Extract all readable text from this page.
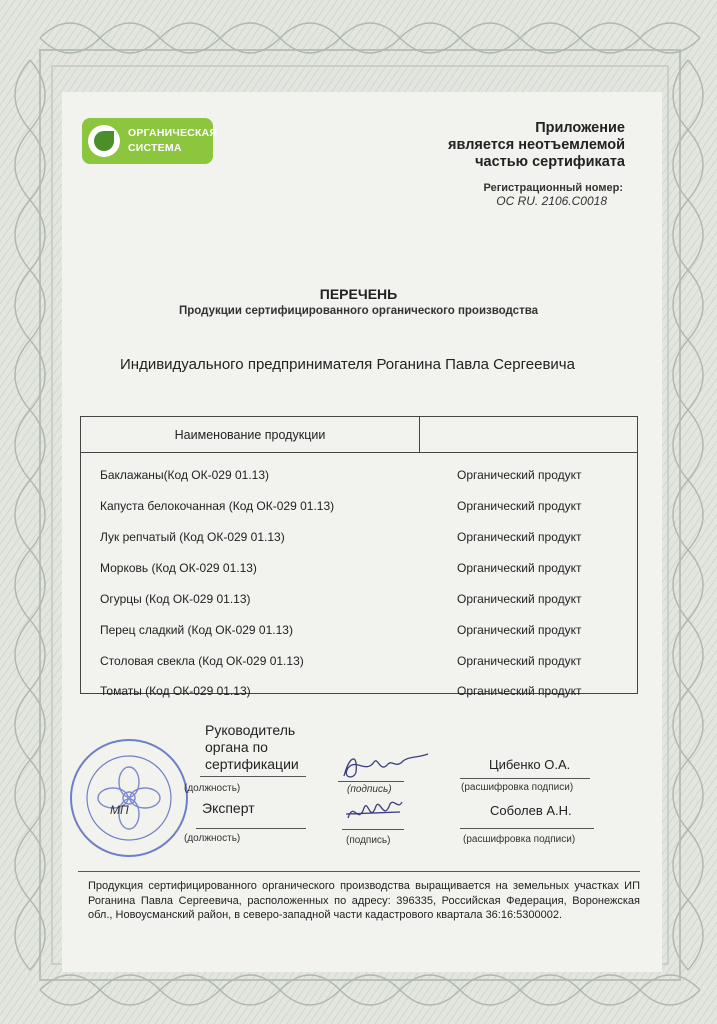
ОРГАНИЧЕСКАЯ
СИСТЕМА
Приложение
является неотъемлемой
частью сертификата
Регистрационный номер:
ОС RU. 2106.С0018
ПЕРЕЧЕНЬ
Продукции сертифицированного органического производства
Индивидуального предпринимателя Роганина Павла Сергеевича
Наименование продукции
Баклажаны(Код ОК-029 01.13)	Органический продукт
Капуста белокочанная (Код ОК-029 01.13)	Органический продукт
Лук репчатый (Код ОК-029 01.13)	Органический продукт
Морковь (Код ОК-029 01.13)	Органический продукт
Огурцы (Код ОК-029 01.13)	Органический продукт
Перец сладкий (Код ОК-029 01.13)	Органический продукт
Столовая свекла (Код ОК-029 01.13)	Органический продукт
Томаты (Код ОК-029 01.13)	Органический продукт
МП
Руководитель
органа по
сертификации
(должность)	(подпись)
Цибенко О.А.
(расшифровка подписи)
Эксперт
(должность)	(подпись)
Соболев А.Н.
(расшифровка подписи)
Продукция сертифицированного органического производства выращивается на земельных участках ИП Роганина Павла Сергеевича, расположенных по адресу: 396335, Российская Федерация, Воронежская обл., Новоусманский район, в северо-западной части кадастрового квартала 36:16:5300002.
